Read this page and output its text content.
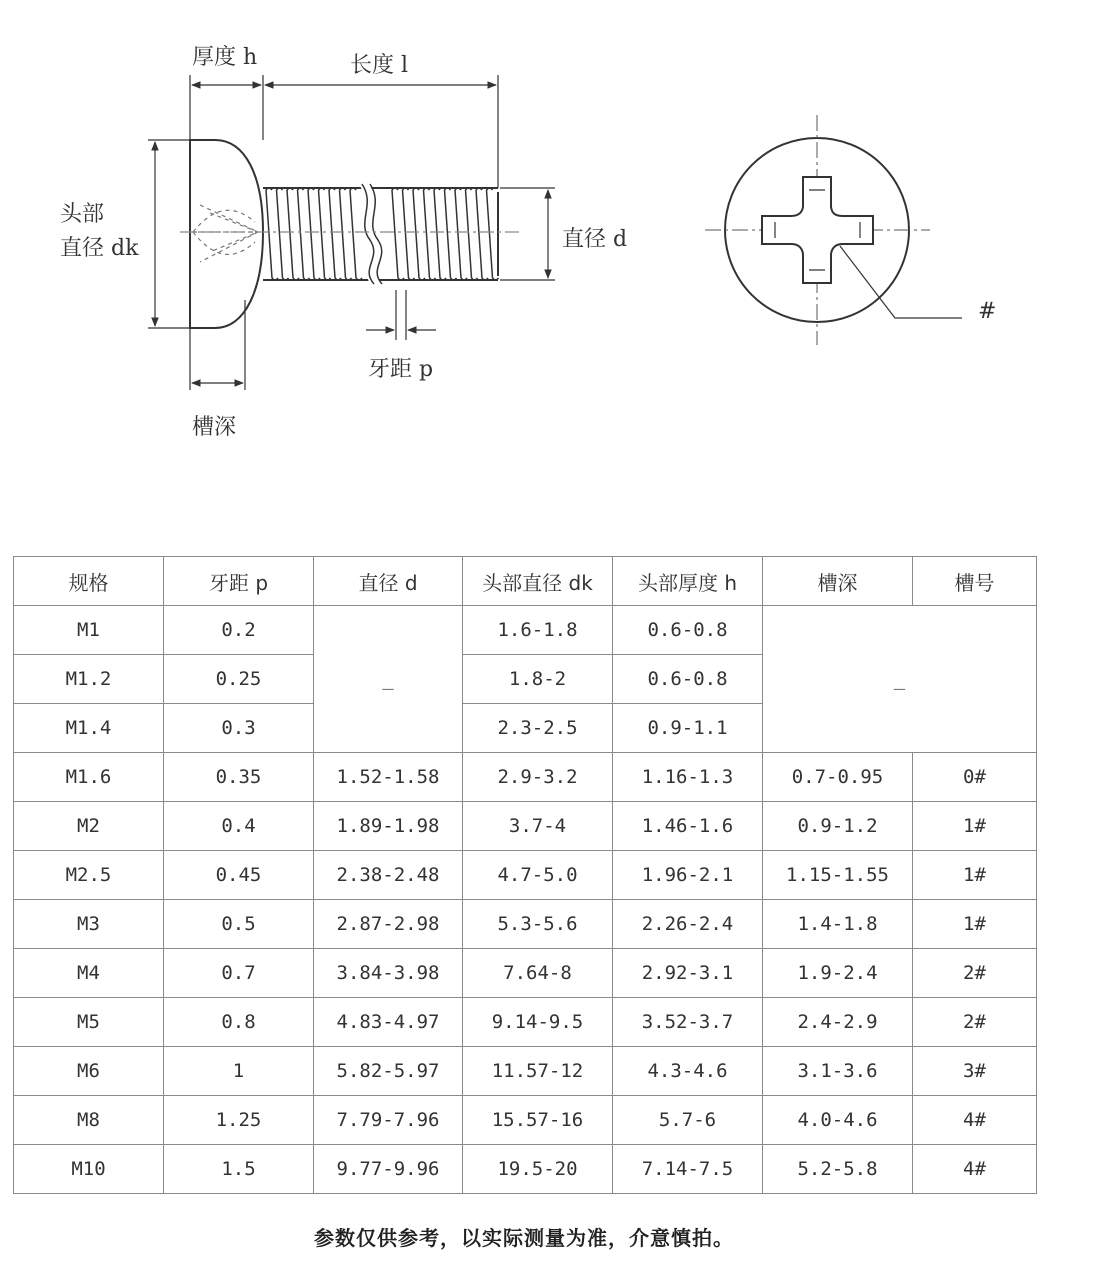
厚度 h	长度 l
头部
直径 dk	直径 d
牙距 p
槽深
#
规格	牙距 p	直径 d	头部直径 dk	头部厚度 h	槽深	槽号
M1	0.2	_	1.6-1.8	0.6-0.8	_	
M1.2	0.25		1.8-2	0.6-0.8		
M1.4	0.3		2.3-2.5	0.9-1.1		
M1.6	0.35	1.52-1.58	2.9-3.2	1.16-1.3	0.7-0.95	0#
M2	0.4	1.89-1.98	3.7-4	1.46-1.6	0.9-1.2	1#
M2.5	0.45	2.38-2.48	4.7-5.0	1.96-2.1	1.15-1.55	1#
M3	0.5	2.87-2.98	5.3-5.6	2.26-2.4	1.4-1.8	1#
M4	0.7	3.84-3.98	7.64-8	2.92-3.1	1.9-2.4	2#
M5	0.8	4.83-4.97	9.14-9.5	3.52-3.7	2.4-2.9	2#
M6	1	5.82-5.97	11.57-12	4.3-4.6	3.1-3.6	3#
M8	1.25	7.79-7.96	15.57-16	5.7-6	4.0-4.6	4#
M10	1.5	9.77-9.96	19.5-20	7.14-7.5	5.2-5.8	4#
参数仅供参考，以实际测量为准，介意慎拍。
